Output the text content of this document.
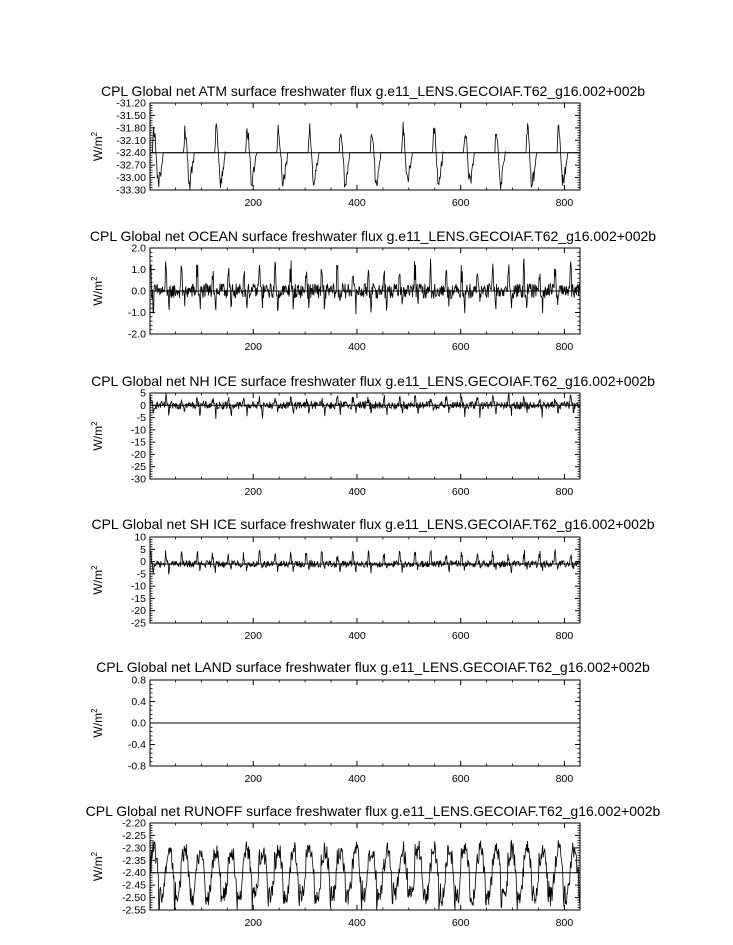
CPL Global net ATM surface freshwater flux g.e11_LENS.GECOIAF.T62_g16.002+002b
$W/m^2$
-31.20
-31.50
-31.80
-32.10
-32.40
-32.70
-33.00
-33.30
200	400	600	800
CPL Global net OCEAN surface freshwater flux g.e11_LENS.GECOIAF.T62_g16.002+002b
$W/m^2$
2.0
1.0
0.0
-1.0
-2.0
200	400	600	800
CPL Global net NH ICE surface freshwater flux g.e11_LENS.GECOIAF.T62_g16.002+002b
$W/m^2$
5
0
-5
-10
-15
-20
-25
-30
200	400	600	800
CPL Global net SH ICE surface freshwater flux g.e11_LENS.GECOIAF.T62_g16.002+002b
$W/m^2$
10
5
0
-5
-10
-15
-20
-25
200	400	600	800
CPL Global net LAND surface freshwater flux g.e11_LENS.GECOIAF.T62_g16.002+002b
$W/m^2$
0.8
0.4
0.0
-0.4
-0.8
200	400	600	800
CPL Global net RUNOFF surface freshwater flux g.e11_LENS.GECOIAF.T62_g16.002+002b
$W/m^2$
-2.20
-2.25
-2.30
-2.35
-2.40
-2.45
-2.50
-2.55
200	400	600	800
